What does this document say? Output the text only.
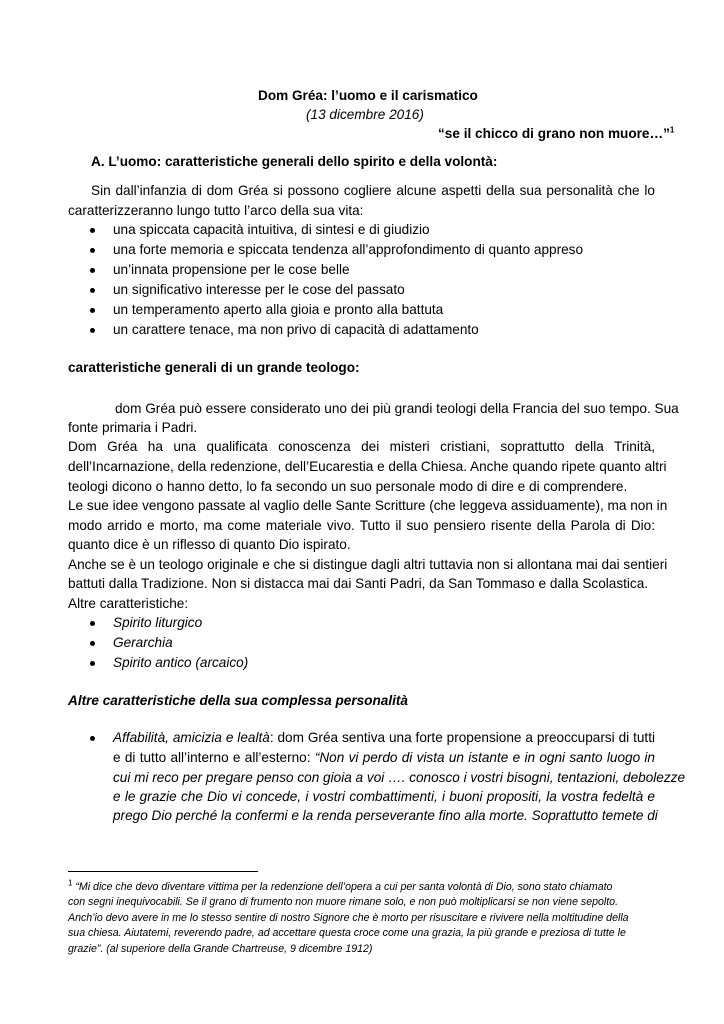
Dom Gréa: l’uomo e il carismatico
(13 dicembre 2016)
“se il chicco di grano non muore…”$^1$
A. L’uomo: caratteristiche generali dello spirito e della volontà:
Sin dall’infanzia di dom Gréa si possono cogliere alcune aspetti della sua personalità che lo
caratterizzeranno lungo tutto l’arco della sua vita:
una spiccata capacità intuitiva, di sintesi e di giudizio
una forte memoria e spiccata tendenza all’approfondimento di quanto appreso
un’innata propensione per le cose belle
un significativo interesse per le cose del passato
un temperamento aperto alla gioia e pronto alla battuta
un carattere tenace, ma non privo di capacità di adattamento
caratteristiche generali di un grande teologo:
dom Gréa può essere considerato uno dei più grandi teologi della Francia del suo tempo. Sua
fonte primaria i Padri.
Dom Gréa ha una qualificata conoscenza dei misteri cristiani, soprattutto della Trinità,
dell’Incarnazione, della redenzione, dell’Eucarestia e della Chiesa. Anche quando ripete quanto altri
teologi dicono o hanno detto, lo fa secondo un suo personale modo di dire e di comprendere.
Le sue idee vengono passate al vaglio delle Sante Scritture (che leggeva assiduamente), ma non in
modo arrido e morto, ma come materiale vivo. Tutto il suo pensiero risente della Parola di Dio:
quanto dice è un riflesso di quanto Dio ispirato.
Anche se è un teologo originale e che si distingue dagli altri tuttavia non si allontana mai dai sentieri
battuti dalla Tradizione. Non si distacca mai dai Santi Padri, da San Tommaso e dalla Scolastica.
Altre caratteristiche:
Spirito liturgico
Gerarchia
Spirito antico (arcaico)
Altre caratteristiche della sua complessa personalità
Affabilità, amicizia e lealtà: dom Gréa sentiva una forte propensione a preoccuparsi di tutti
e di tutto all’interno e all’esterno: “Non vi perdo di vista un istante e in ogni santo luogo in
cui mi reco per pregare penso con gioia a voi …. conosco i vostri bisogni, tentazioni, debolezze
e le grazie che Dio vi concede, i vostri combattimenti, i buoni propositi, la vostra fedeltà e
prego Dio perché la confermi e la renda perseverante fino alla morte. Soprattutto temete di
$^1$ “Mi dice che devo diventare vittima per la redenzione dell’opera a cui per santa volontà di Dio, sono stato chiamato
con segni inequivocabili. Se il grano di frumento non muore rimane solo, e non può moltiplicarsi se non viene sepolto.
Anch’io devo avere in me lo stesso sentire di nostro Signore che è morto per risuscitare e rivivere nella moltitudine della
sua chiesa. Aiutatemi, reverendo padre, ad accettare questa croce come una grazia, la più grande e preziosa di tutte le
grazie”. (al superiore della Grande Chartreuse, 9 dicembre 1912)
